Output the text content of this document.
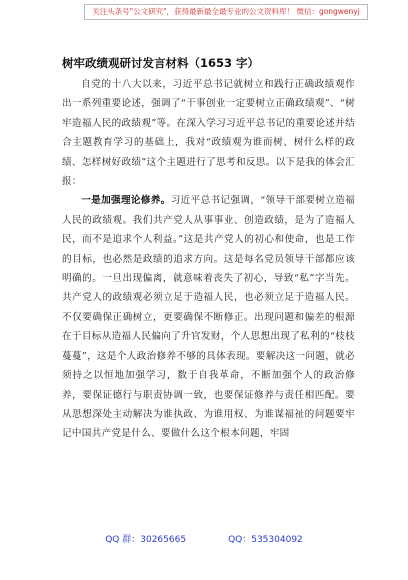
关注头条号"公文研究"，获得最新最全最专业的公文资料库！ 微信：gongwenyj
树牢政绩观研讨发言材料（1653 字）

自党的十八大以来，习近平总书记就树立和践行正确政绩观作出一系列重要论述，强调了“干事创业一定要树立正确政绩观”、“树牢造福人民的政绩观”等。在深入学习习近平总书记的重要论述并结合主题教育学习的基础上，我对“政绩观为谁而树、树什么样的政绩、怎样树好政绩”这个主题进行了思考和反思。以下是我的体会汇报：

一是加强理论修养。习近平总书记强调，“领导干部要树立造福人民的政绩观。我们共产党人从事事业、创造政绩，是为了造福人民，而不是追求个人利益。”这是共产党人的初心和使命，也是工作的目标，也必然是政绩的追求方向。这是每名党员领导干部都应该明确的。一旦出现偏离，就意味着丧失了初心，导致“私”字当先。共产党人的政绩观必须立足于造福人民，也必须立足于造福人民。不仅要确保正确树立，更要确保不断修正。出现问题和偏差的根源在于目标从造福人民偏向了升官发财，个人思想出现了私利的“枝枝蔓蔓”，这是个人政治修养不够的具体表现。要解决这一问题，就必须持之以恒地加强学习，数于自我革命，不断加强个人的政治修养，要保证德行与职责协调一致，也要保证修养与责任相匹配。要从思想深处主动解决为谁执政、为谁用权、为谁谋福祉的问题要牢记中国共产党是什么、要做什么这个根本问题，牢固

QQ 群：30265665	QQ：535304092
